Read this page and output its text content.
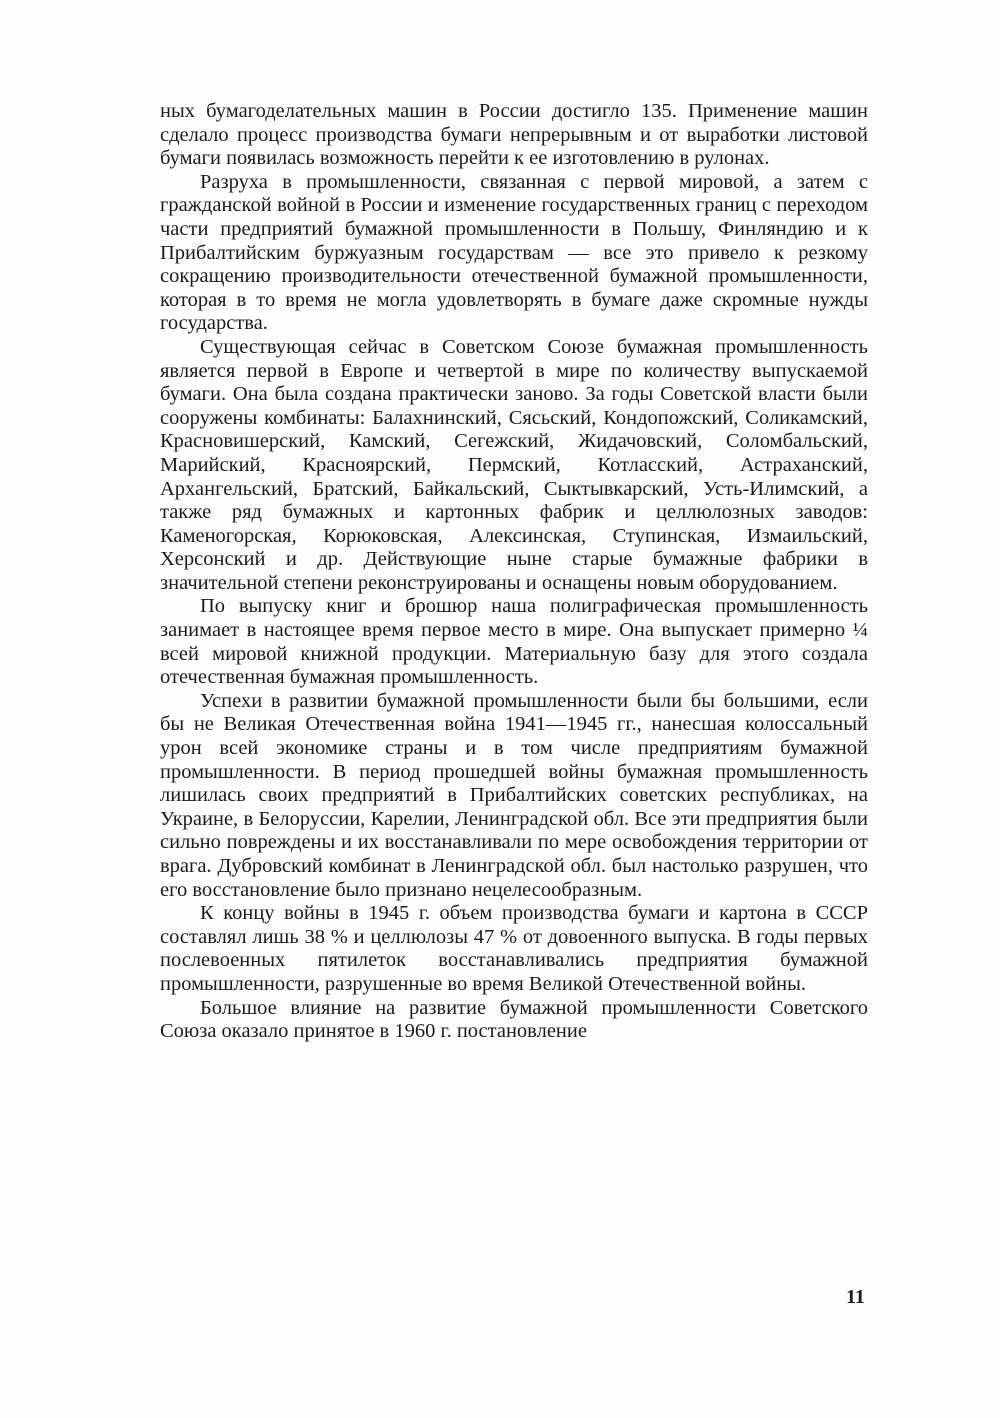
ных бумагоделательных машин в России достигло 135. Применение машин сделало процесс производства бумаги непрерывным и от выработки листовой бумаги появилась возможность перейти к ее изготовлению в рулонах.

Разруха в промышленности, связанная с первой мировой, а затем с гражданской войной в России и изменение государственных границ с переходом части предприятий бумажной промышленности в Польшу, Финляндию и к Прибалтийским буржуазным государствам — все это привело к резкому сокращению производительности отечественной бумажной промышленности, которая в то время не могла удовлетворять в бумаге даже скромные нужды государства.

Существующая сейчас в Советском Союзе бумажная промышленность является первой в Европе и четвертой в мире по количеству выпускаемой бумаги. Она была создана практически заново. За годы Советской власти были сооружены комбинаты: Балахнинский, Сясьский, Кондопожский, Соликамский, Красновишерский, Камский, Сегежский, Жидачовский, Соломбальский, Марийский, Красноярский, Пермский, Котласский, Астраханский, Архангельский, Братский, Байкальский, Сыктывкарский, Усть-Илимский, а также ряд бумажных и картонных фабрик и целлюлозных заводов: Каменогорская, Корюковская, Алексинская, Ступинская, Измаильский, Херсонский и др. Действующие ныне старые бумажные фабрики в значительной степени реконструированы и оснащены новым оборудованием.

По выпуску книг и брошюр наша полиграфическая промышленность занимает в настоящее время первое место в мире. Она выпускает примерно ¼ всей мировой книжной продукции. Материальную базу для этого создала отечественная бумажная промышленность.

Успехи в развитии бумажной промышленности были бы большими, если бы не Великая Отечественная война 1941—1945 гг., нанесшая колоссальный урон всей экономике страны и в том числе предприятиям бумажной промышленности. В период прошедшей войны бумажная промышленность лишилась своих предприятий в Прибалтийских советских республиках, на Украине, в Белоруссии, Карелии, Ленинградской обл. Все эти предприятия были сильно повреждены и их восстанавливали по мере освобождения территории от врага. Дубровский комбинат в Ленинградской обл. был настолько разрушен, что его восстановление было признано нецелесообразным.

К концу войны в 1945 г. объем производства бумаги и картона в СССР составлял лишь 38 % и целлюлозы 47 % от довоенного выпуска. В годы первых послевоенных пятилеток восстанавливались предприятия бумажной промышленности, разрушенные во время Великой Отечественной войны.

Большое влияние на развитие бумажной промышленности Советского Союза оказало принятое в 1960 г. постановление

11
